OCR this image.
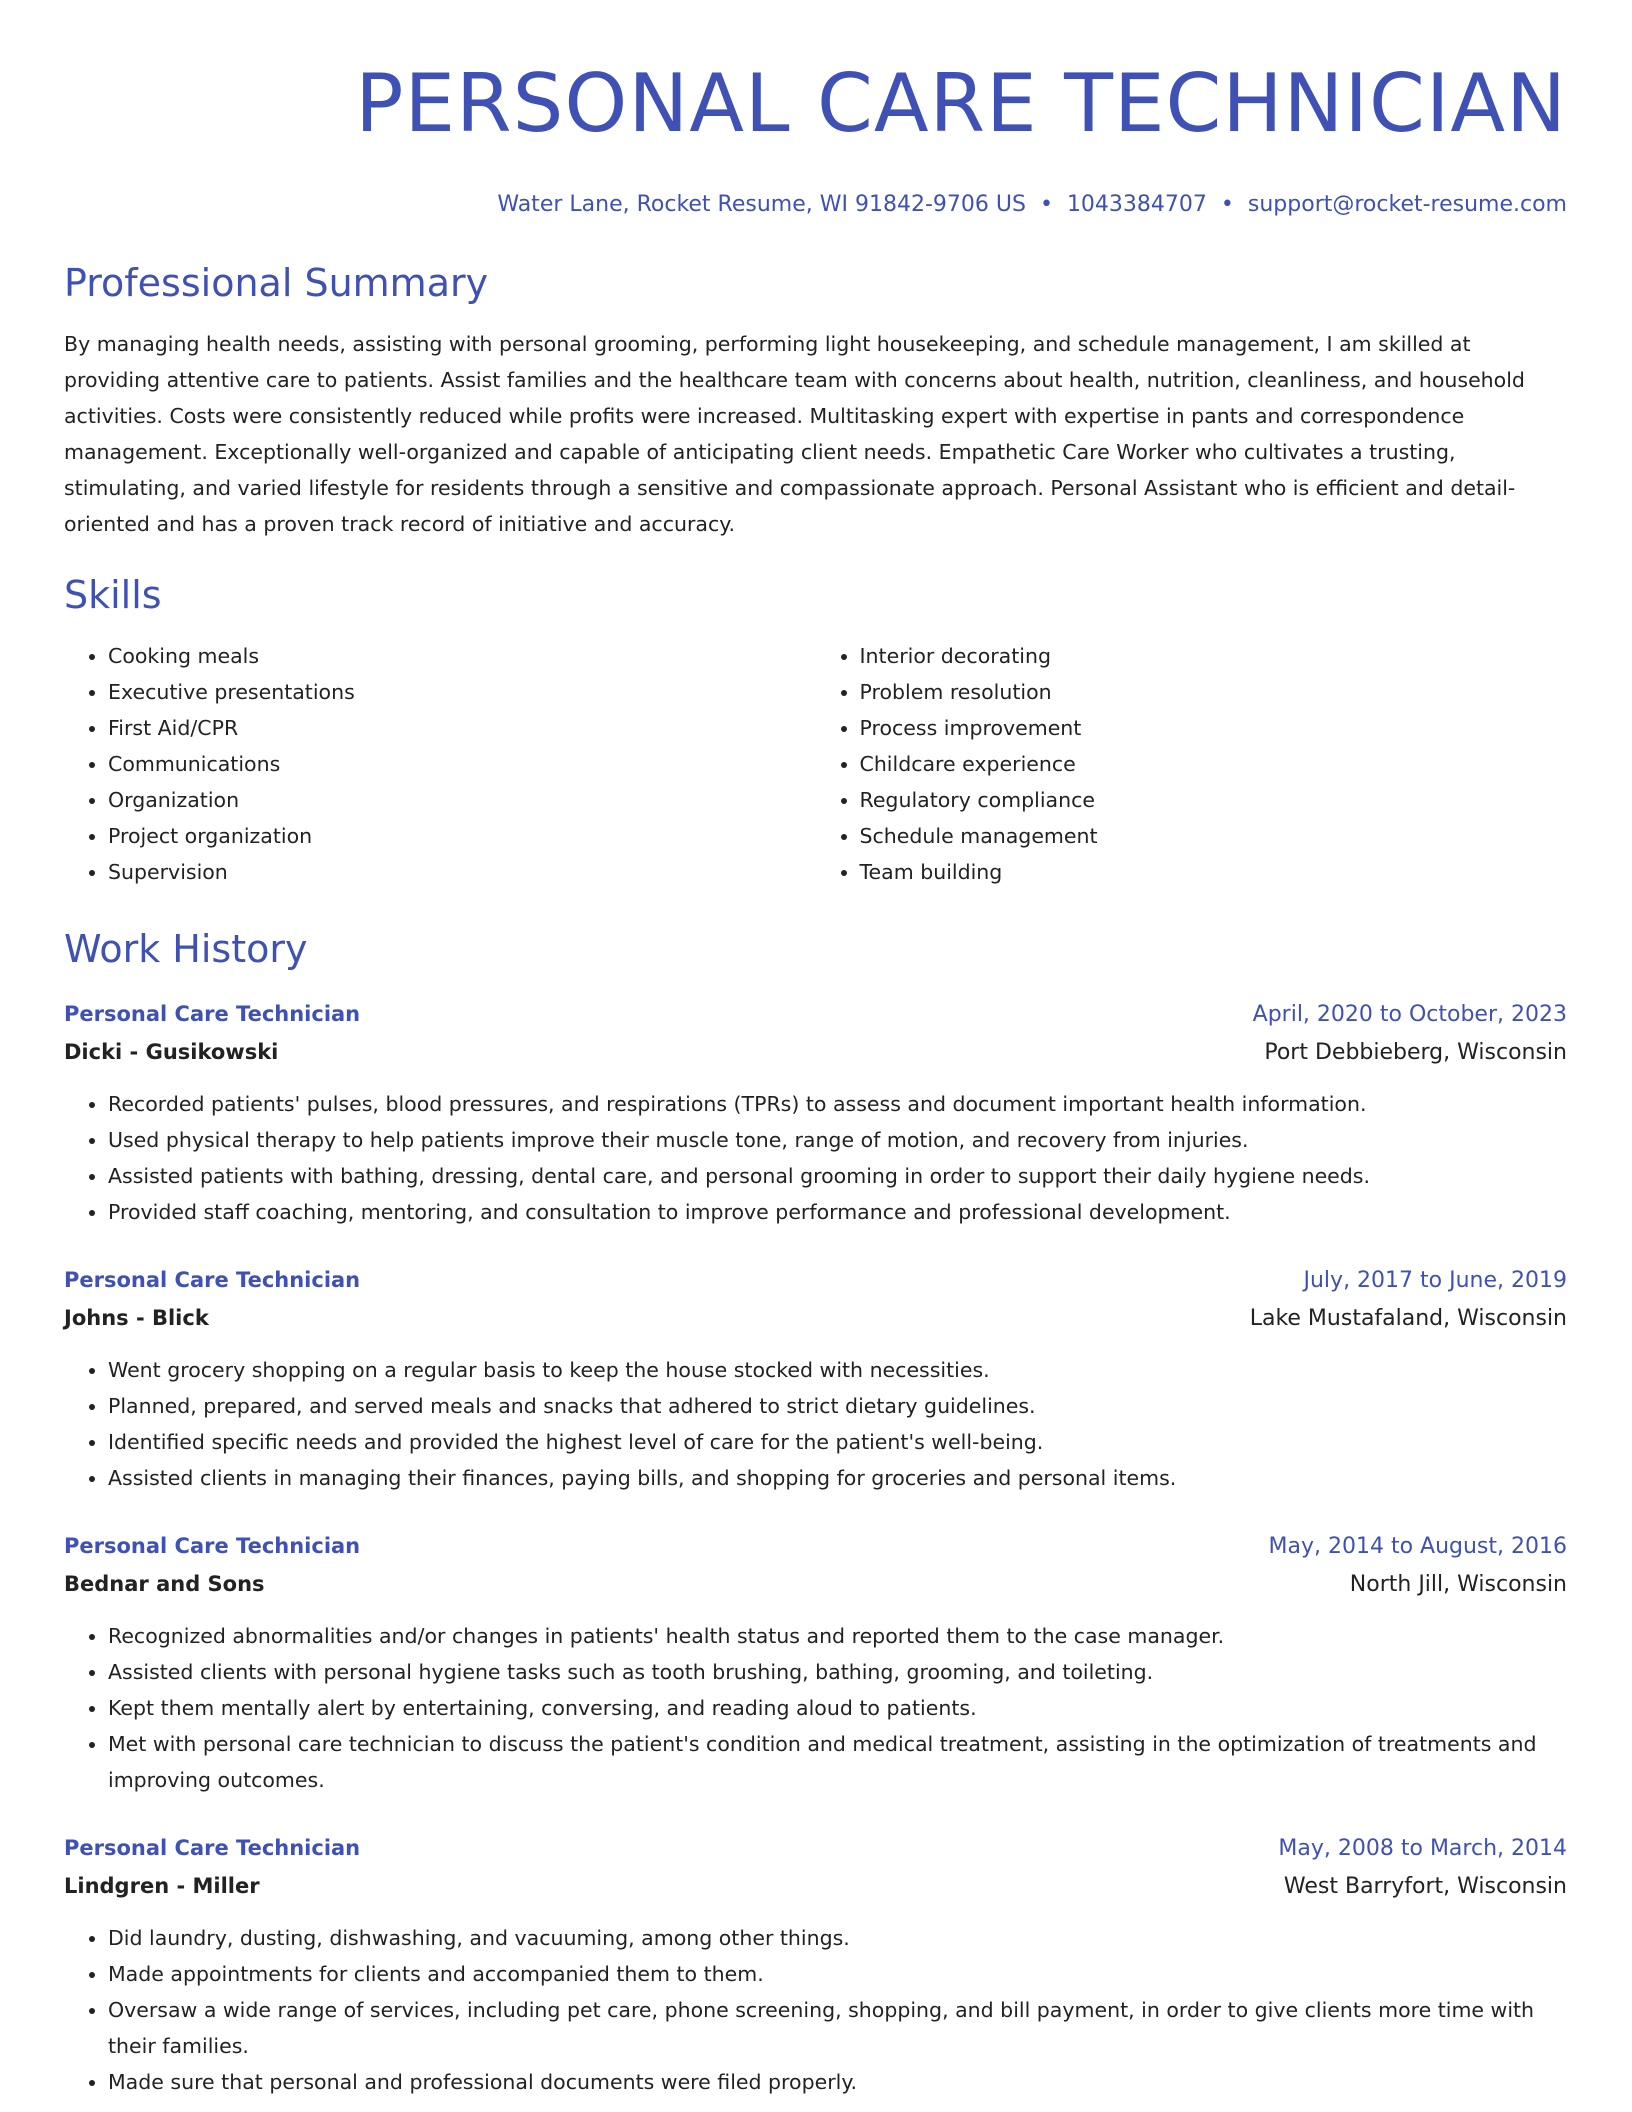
PERSONAL CARE TECHNICIAN
Water Lane, Rocket Resume, WI 91842-9706 US • 1043384707 • support@rocket-resume.com
Professional Summary

By managing health needs, assisting with personal grooming, performing light housekeeping, and schedule management, I am skilled at providing attentive care to patients. Assist families and the healthcare team with concerns about health, nutrition, cleanliness, and household activities. Costs were consistently reduced while profits were increased. Multitasking expert with expertise in pants and correspondence management. Exceptionally well-organized and capable of anticipating client needs. Empathetic Care Worker who cultivates a trusting, stimulating, and varied lifestyle for residents through a sensitive and compassionate approach. Personal Assistant who is efficient and detail-oriented and has a proven track record of initiative and accuracy.

Skills
• Cooking meals
• Executive presentations
• First Aid/CPR
• Communications
• Organization
• Project organization
• Supervision
• Interior decorating
• Problem resolution
• Process improvement
• Childcare experience
• Regulatory compliance
• Schedule management
• Team building
Work History
Personal Care Technician	April, 2020 to October, 2023
Dicki - Gusikowski	Port Debbieberg, Wisconsin
• Recorded patients' pulses, blood pressures, and respirations (TPRs) to assess and document important health information.
• Used physical therapy to help patients improve their muscle tone, range of motion, and recovery from injuries.
• Assisted patients with bathing, dressing, dental care, and personal grooming in order to support their daily hygiene needs.
• Provided staff coaching, mentoring, and consultation to improve performance and professional development.
Personal Care Technician	July, 2017 to June, 2019
Johns - Blick	Lake Mustafaland, Wisconsin
• Went grocery shopping on a regular basis to keep the house stocked with necessities.
• Planned, prepared, and served meals and snacks that adhered to strict dietary guidelines.
• Identified specific needs and provided the highest level of care for the patient's well-being.
• Assisted clients in managing their finances, paying bills, and shopping for groceries and personal items.
Personal Care Technician	May, 2014 to August, 2016
Bednar and Sons	North Jill, Wisconsin
• Recognized abnormalities and/or changes in patients' health status and reported them to the case manager.
• Assisted clients with personal hygiene tasks such as tooth brushing, bathing, grooming, and toileting.
• Kept them mentally alert by entertaining, conversing, and reading aloud to patients.
• Met with personal care technician to discuss the patient's condition and medical treatment, assisting in the optimization of treatments and improving outcomes.
Personal Care Technician	May, 2008 to March, 2014
Lindgren - Miller	West Barryfort, Wisconsin
• Did laundry, dusting, dishwashing, and vacuuming, among other things.
• Made appointments for clients and accompanied them to them.
• Oversaw a wide range of services, including pet care, phone screening, shopping, and bill payment, in order to give clients more time with their families.
• Made sure that personal and professional documents were filed properly.
